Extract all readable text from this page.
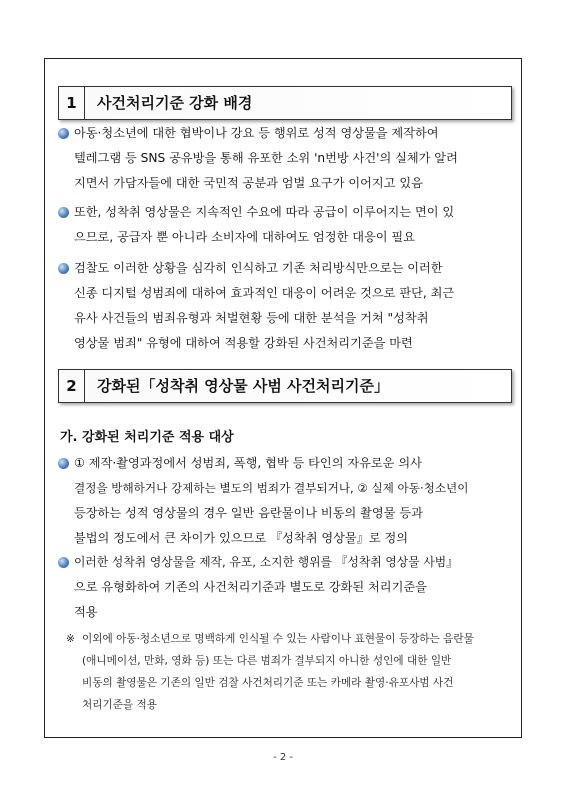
1	사건처리기준 강화 배경
아동·청소년에 대한 협박이나 강요 등 행위로 성적 영상물을 제작하여
텔레그램 등 SNS 공유방을 통해 유포한 소위 'n번방 사건'의 실체가 알려
지면서 가담자들에 대한 국민적 공분과 엄벌 요구가 이어지고 있음
또한, 성착취 영상물은 지속적인 수요에 따라 공급이 이루어지는 면이 있
으므로, 공급자 뿐 아니라 소비자에 대하여도 엄정한 대응이 필요
검찰도 이러한 상황을 심각히 인식하고 기존 처리방식만으로는 이러한
신종 디지털 성범죄에 대하여 효과적인 대응이 어려운 것으로 판단, 최근
유사 사건들의 범죄유형과 처벌현황 등에 대한 분석을 거쳐 "성착취
영상물 범죄" 유형에 대하여 적용할 강화된 사건처리기준을 마련
2	강화된「성착취 영상물 사범 사건처리기준」
가. 강화된 처리기준 적용 대상
① 제작·촬영과정에서 성범죄, 폭행, 협박 등 타인의 자유로운 의사
결정을 방해하거나 강제하는 별도의 범죄가 결부되거나, ② 실제 아동·청소년이
등장하는 성적 영상물의 경우 일반 음란물이나 비동의 촬영물 등과
불법의 정도에서 큰 차이가 있으므로 『성착취 영상물』로 정의
이러한 성착취 영상물을 제작, 유포, 소지한 행위를 『성착취 영상물 사범』
으로 유형화하여 기존의 사건처리기준과 별도로 강화된 처리기준을
적용
※ 이외에 아동·청소년으로 명백하게 인식될 수 있는 사람이나 표현물이 등장하는 음란물
(애니메이션, 만화, 영화 등) 또는 다른 범죄가 결부되지 아니한 성인에 대한 일반
비동의 촬영물은 기존의 일반 검찰 사건처리기준 또는 카메라 촬영·유포사범 사건
처리기준을 적용
- 2 -
